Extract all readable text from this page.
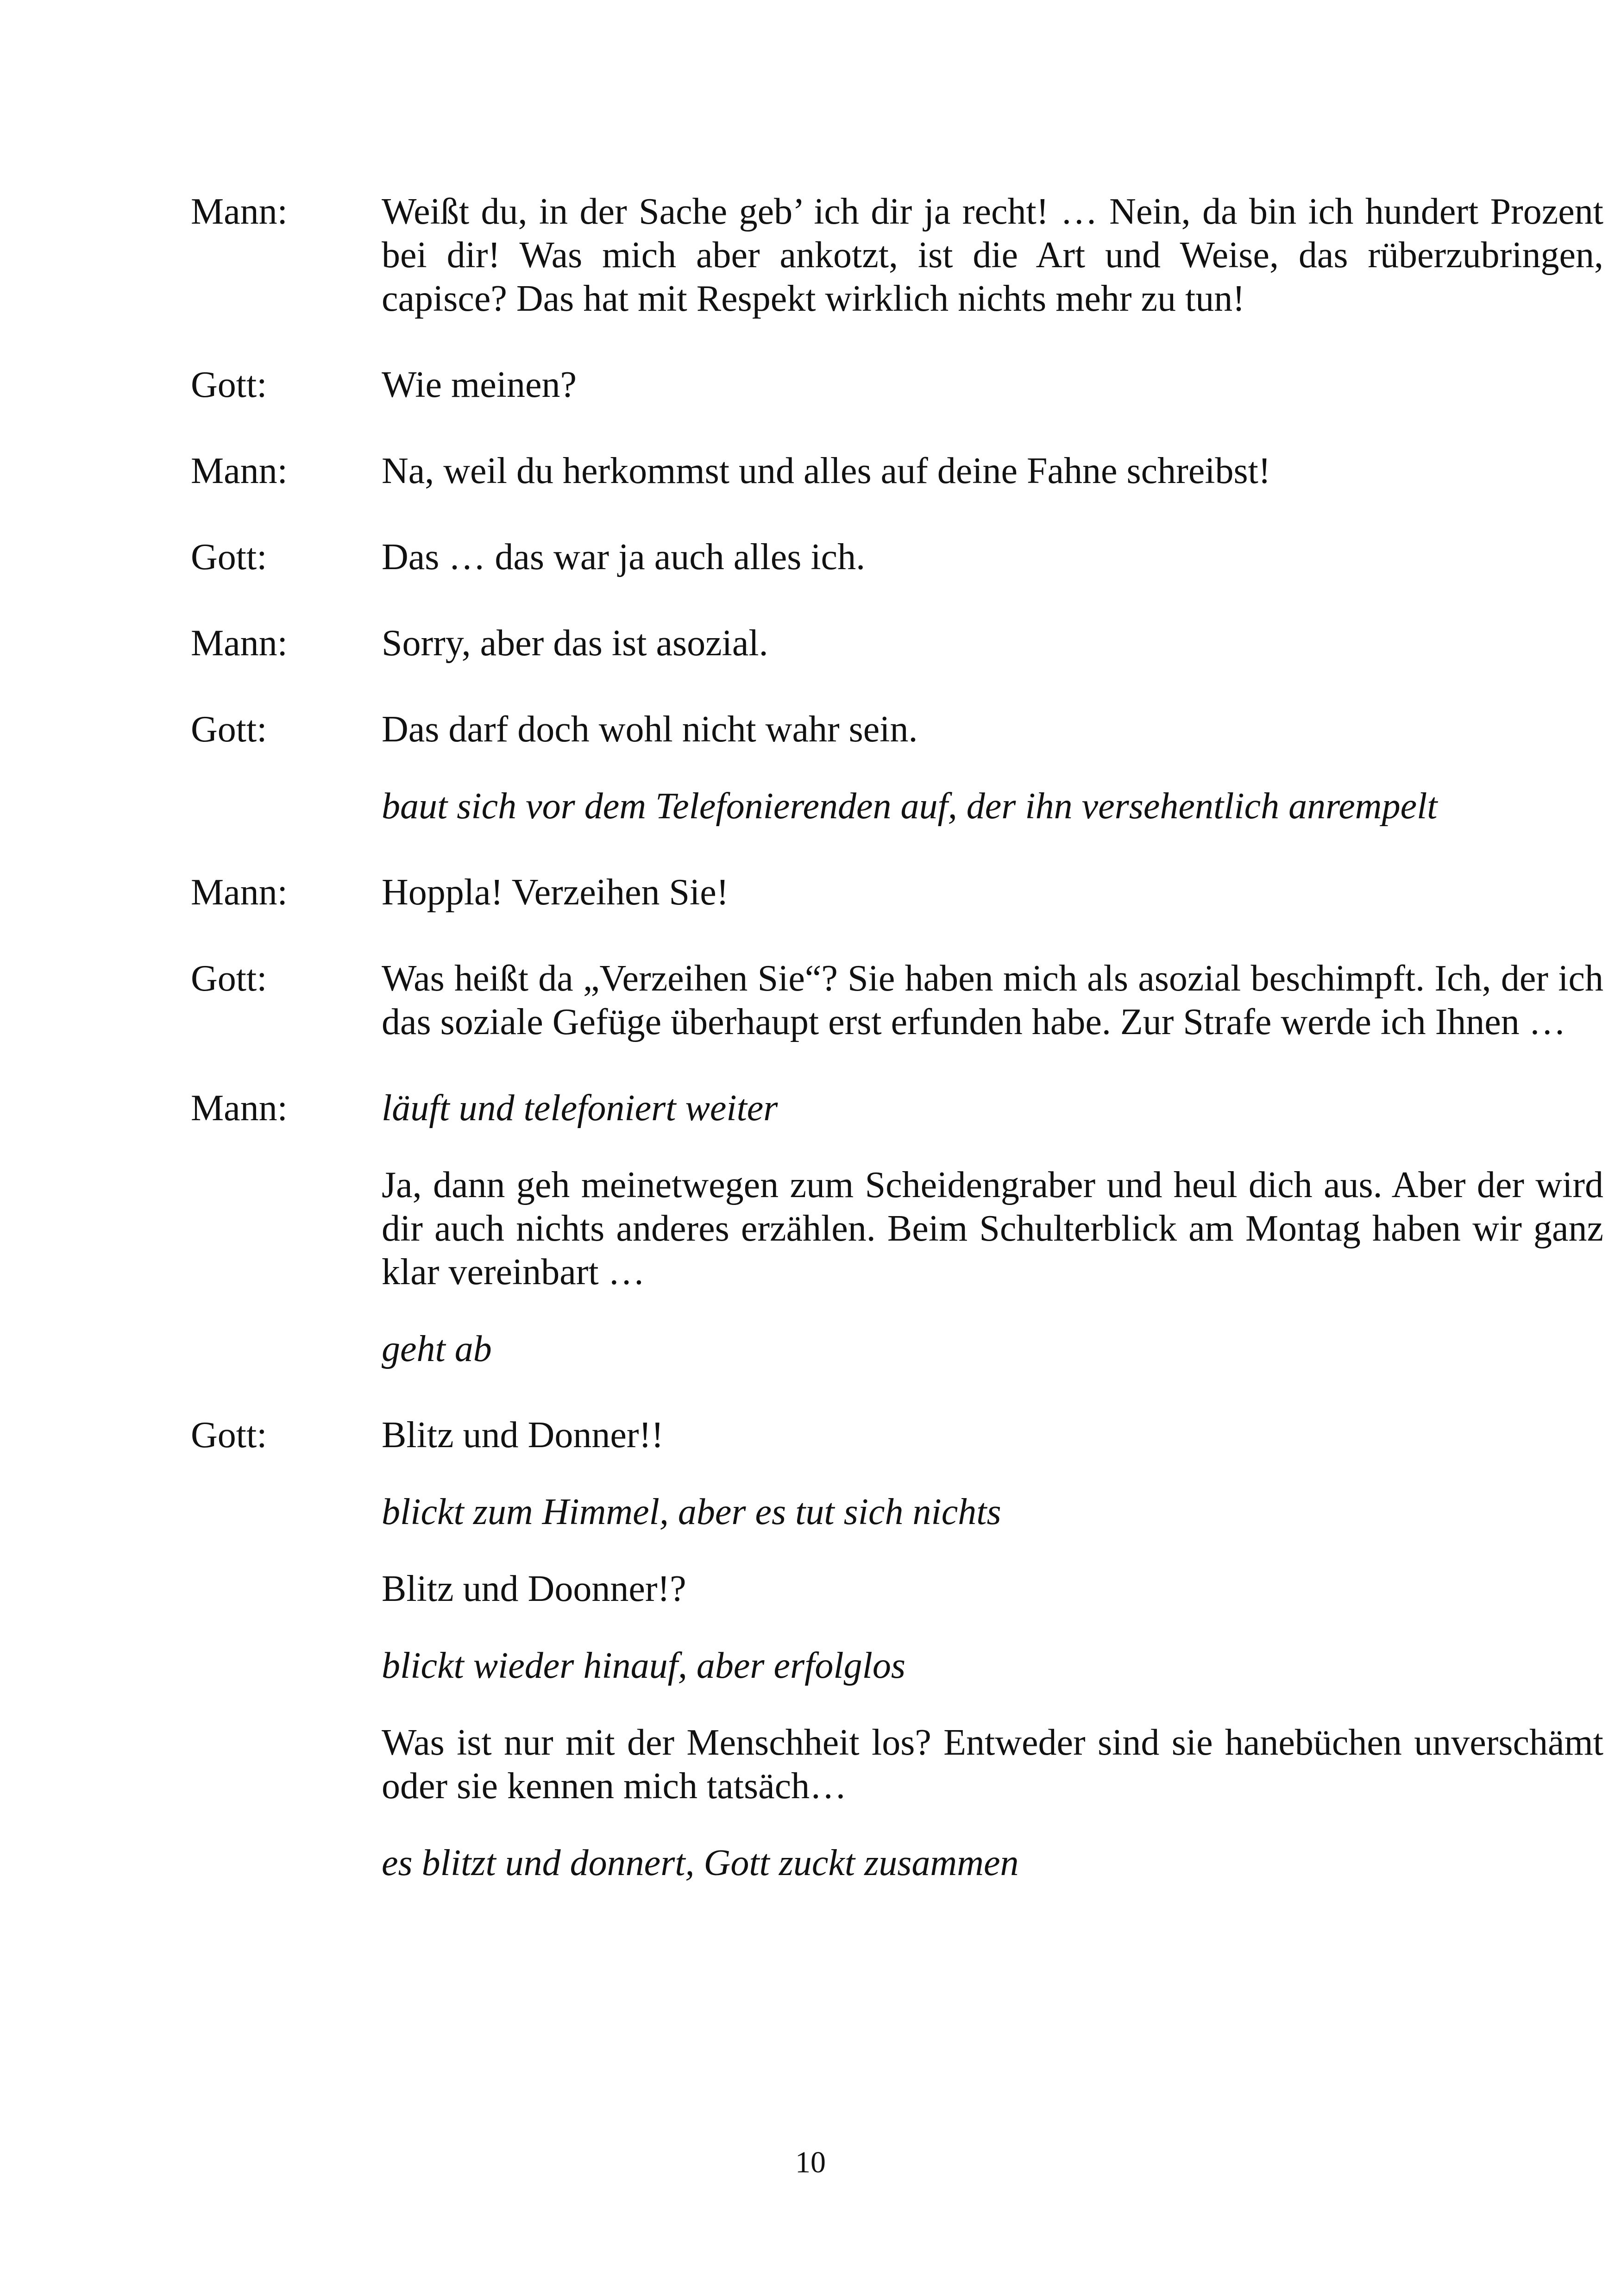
Mann:	Weißt du, in der Sache geb’ ich dir ja recht! … Nein, da bin ich hundert Prozent bei dir! Was mich aber ankotzt, ist die Art und Weise, das rüberzubringen, capisce? Das hat mit Respekt wirklich nichts mehr zu tun!
Gott:	Wie meinen?
Mann:	Na, weil du herkommst und alles auf deine Fahne schreibst!
Gott:	Das … das war ja auch alles ich.
Mann:	Sorry, aber das ist asozial.
Gott:	Das darf doch wohl nicht wahr sein.
baut sich vor dem Telefonierenden auf, der ihn versehentlich anrempelt
Mann:	Hoppla! Verzeihen Sie!
Gott:	Was heißt da „Verzeihen Sie“? Sie haben mich als asozial beschimpft. Ich, der ich das soziale Gefüge überhaupt erst erfunden habe. Zur Strafe werde ich Ihnen …
Mann:	läuft und telefoniert weiter
Ja, dann geh meinetwegen zum Scheidengraber und heul dich aus. Aber der wird dir auch nichts anderes erzählen. Beim Schulterblick am Montag haben wir ganz klar vereinbart …
geht ab
Gott:	Blitz und Donner!!
blickt zum Himmel, aber es tut sich nichts
Blitz und Doonner!?
blickt wieder hinauf, aber erfolglos
Was ist nur mit der Menschheit los? Entweder sind sie hanebüchen unverschämt oder sie kennen mich tatsäch…
es blitzt und donnert, Gott zuckt zusammen
10
